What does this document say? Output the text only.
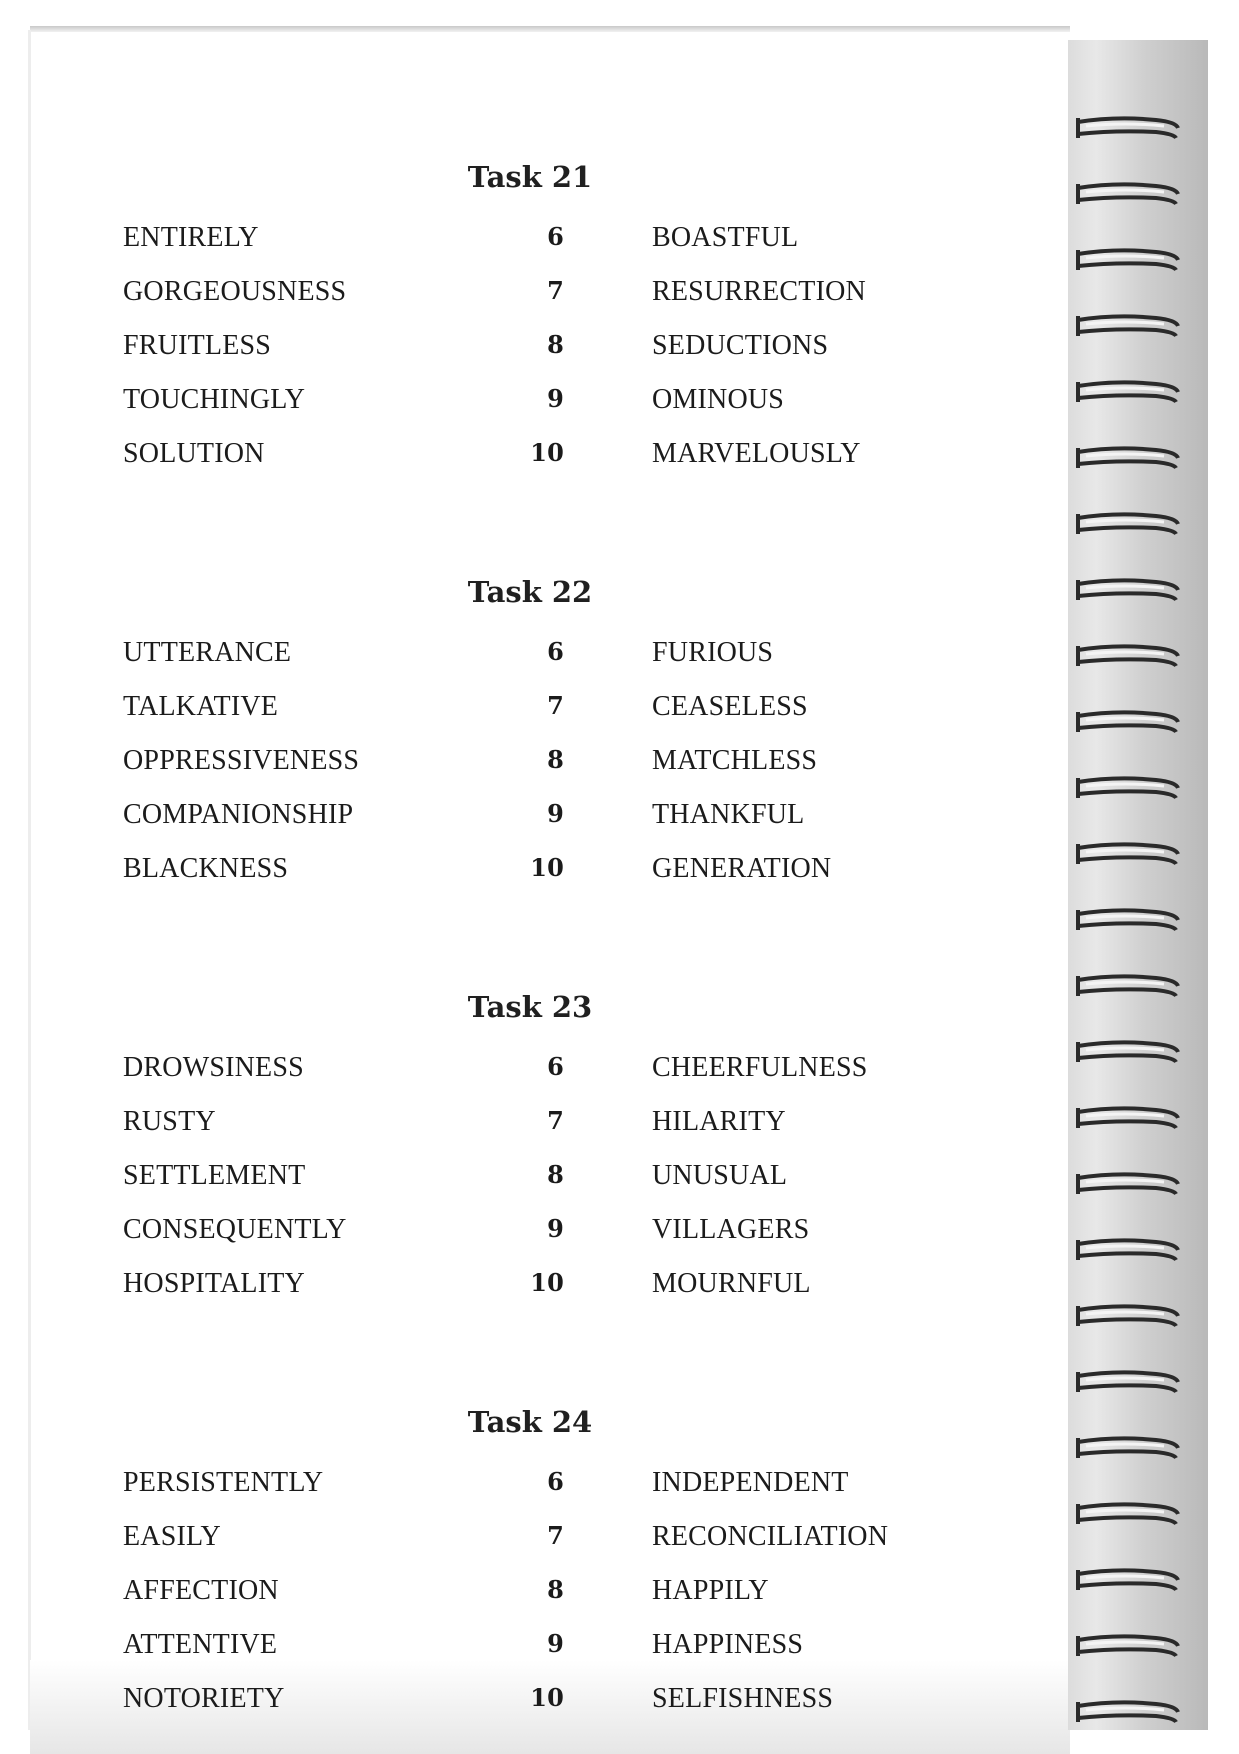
Task 21
ENTIRELY	6	BOASTFUL
GORGEOUSNESS	7	RESURRECTION
FRUITLESS	8	SEDUCTIONS
TOUCHINGLY	9	OMINOUS
SOLUTION	10	MARVELOUSLY
Task 22
UTTERANCE	6	FURIOUS
TALKATIVE	7	CEASELESS
OPPRESSIVENESS	8	MATCHLESS
COMPANIONSHIP	9	THANKFUL
BLACKNESS	10	GENERATION
Task 23
DROWSINESS	6	CHEERFULNESS
RUSTY	7	HILARITY
SETTLEMENT	8	UNUSUAL
CONSEQUENTLY	9	VILLAGERS
HOSPITALITY	10	MOURNFUL
Task 24
PERSISTENTLY	6	INDEPENDENT
EASILY	7	RECONCILIATION
AFFECTION	8	HAPPILY
ATTENTIVE	9	HAPPINESS
NOTORIETY	10	SELFISHNESS
